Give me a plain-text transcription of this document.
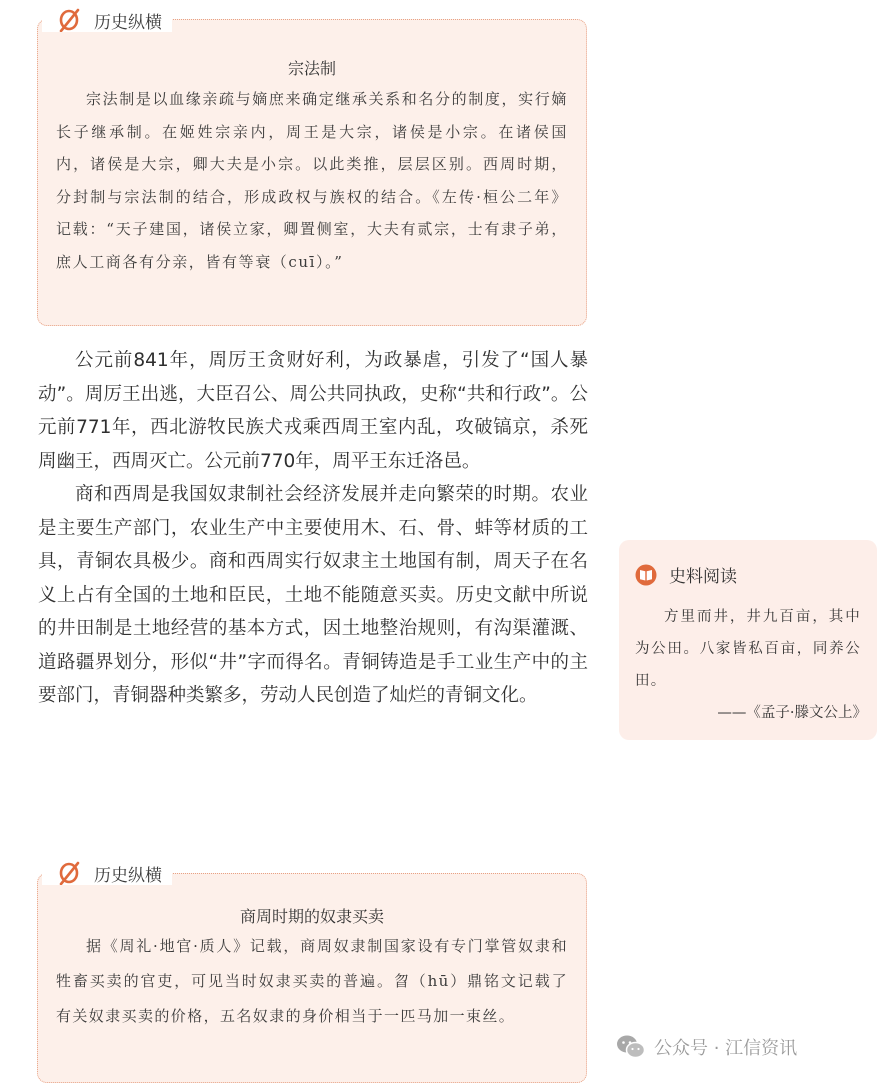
宗法制

宗法制是以血缘亲疏与嫡庶来确定继承关系和名分的制度，实行嫡长子继承制。在姬姓宗亲内，周王是大宗，诸侯是小宗。在诸侯国内，诸侯是大宗，卿大夫是小宗。以此类推，层层区别。西周时期，分封制与宗法制的结合，形成政权与族权的结合。《左传·桓公二年》记载：“天子建国，诸侯立家，卿置侧室，大夫有贰宗，士有隶子弟，庶人工商各有分亲，皆有等衰（cuī）。”

历史纵横

公元前841年，周厉王贪财好利，为政暴虐，引发了“国人暴动”。周厉王出逃，大臣召公、周公共同执政，史称“共和行政”。公元前771年，西北游牧民族犬戎乘西周王室内乱，攻破镐京，杀死周幽王，西周灭亡。公元前770年，周平王东迁洛邑。

商和西周是我国奴隶制社会经济发展并走向繁荣的时期。农业是主要生产部门，农业生产中主要使用木、石、骨、蚌等材质的工具，青铜农具极少。商和西周实行奴隶主土地国有制，周天子在名义上占有全国的土地和臣民，土地不能随意买卖。历史文献中所说的井田制是土地经营的基本方式，因土地整治规则，有沟渠灌溉、道路疆界划分，形似“井”字而得名。青铜铸造是手工业生产中的主要部门，青铜器种类繁多，劳动人民创造了灿烂的青铜文化。

史料阅读

方里而井，井九百亩，其中为公田。八家皆私百亩，同养公田。

——《孟子·滕文公上》

商周时期的奴隶买卖

据《周礼·地官·质人》记载，商周奴隶制国家设有专门掌管奴隶和牲畜买卖的官吏，可见当时奴隶买卖的普遍。曶（hū）鼎铭文记载了有关奴隶买卖的价格，五名奴隶的身价相当于一匹马加一束丝。

历史纵横
公众号 · 江信资讯
